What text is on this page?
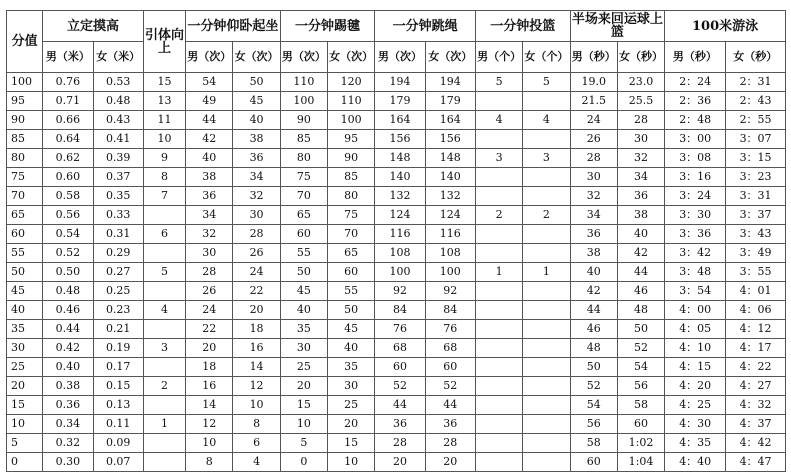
分值	立定摸高		引体向上	一分钟仰卧起坐		一分钟踢毽		一分钟跳绳		一分钟投篮		半场来回运球上篮		100米游泳	
	男（米）	女（米）		男（次）	女（次）	男（次）	女（次）	男（次）	女（次）	男（个）	女（个）	男（秒）	女（秒）	男（秒）	女（秒）
100	0.76	0.53	15	54	50	110	120	194	194	5	5	19.0	23.0	2：24	2：31
95	0.71	0.48	13	49	45	100	110	179	179			21.5	25.5	2：36	2：43
90	0.66	0.43	11	44	40	90	100	164	164	4	4	24	28	2：48	2：55
85	0.64	0.41	10	42	38	85	95	156	156			26	30	3：00	3：07
80	0.62	0.39	9	40	36	80	90	148	148	3	3	28	32	3：08	3：15
75	0.60	0.37	8	38	34	75	85	140	140			30	34	3：16	3：23
70	0.58	0.35	7	36	32	70	80	132	132			32	36	3：24	3：31
65	0.56	0.33		34	30	65	75	124	124	2	2	34	38	3：30	3：37
60	0.54	0.31	6	32	28	60	70	116	116			36	40	3：36	3：43
55	0.52	0.29		30	26	55	65	108	108			38	42	3：42	3：49
50	0.50	0.27	5	28	24	50	60	100	100	1	1	40	44	3：48	3：55
45	0.48	0.25		26	22	45	55	92	92			42	46	3：54	4：01
40	0.46	0.23	4	24	20	40	50	84	84			44	48	4：00	4：06
35	0.44	0.21		22	18	35	45	76	76			46	50	4：05	4：12
30	0.42	0.19	3	20	16	30	40	68	68			48	52	4：10	4：17
25	0.40	0.17		18	14	25	35	60	60			50	54	4：15	4：22
20	0.38	0.15	2	16	12	20	30	52	52			52	56	4：20	4：27
15	0.36	0.13		14	10	15	25	44	44			54	58	4：25	4：32
10	0.34	0.11	1	12	8	10	20	36	36			56	60	4：30	4：37
5	0.32	0.09		10	6	5	15	28	28			58	1:02	4：35	4：42
0	0.30	0.07		8	4	0	10	20	20			60	1:04	4：40	4：47
